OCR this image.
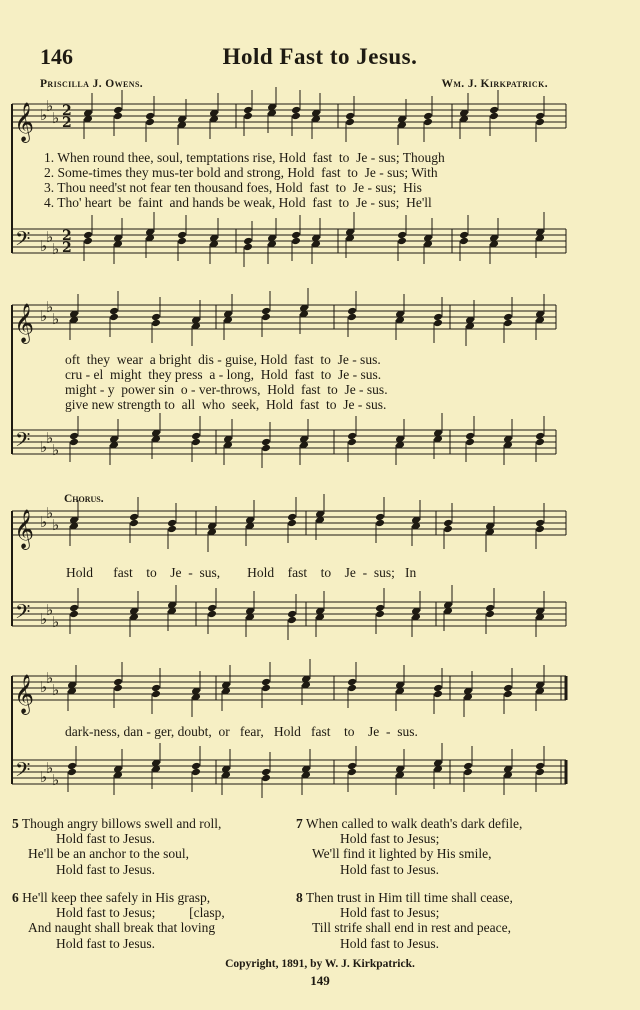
146	Hold Fast to Jesus.
Priscilla J. Owens.	Wm. J. Kirkpatrick.
𝄞 ♭
♭
♭ 2
2
𝄢 ♭
♭
♭
2
2
𝄞 ♭
♭
♭
𝄢 ♭
♭
♭
𝄞 ♭
♭
♭
𝄢 ♭
♭
♭
𝄞 ♭
♭
♭
𝄢 ♭
♭
♭
1. When round thee, soul, temptations rise, Hold  fast  to  Je - sus; Though
2. Some-times they mus-ter bold and strong, Hold  fast  to  Je - sus; With
3. Thou need'st not fear ten thousand foes, Hold  fast  to  Je - sus;  His
4. Tho' heart  be  faint  and hands be weak, Hold  fast  to  Je - sus;  He'll
oft  they  wear  a bright  dis - guise, Hold  fast  to  Je - sus.
cru - el  might  they press  a - long,  Hold  fast  to  Je - sus.
might - y  power sin  o - ver-throws,  Hold  fast  to  Je - sus.
give new strength to  all  who  seek,  Hold  fast  to  Je - sus.
Chorus.
Hold      fast    to    Je  -  sus,        Hold    fast    to    Je  -  sus;   In
dark-ness, dan - ger, doubt,  or   fear,   Hold   fast    to    Je  -  sus.
5 Though angry billows swell and roll,
Hold fast to Jesus.
He'll be an anchor to the soul,
Hold fast to Jesus.
6 He'll keep thee safely in His grasp,
Hold fast to Jesus;          [clasp,
And naught shall break that loving
Hold fast to Jesus.
7 When called to walk death's dark defile,
Hold fast to Jesus;
We'll find it lighted by His smile,
Hold fast to Jesus.
8 Then trust in Him till time shall cease,
Hold fast to Jesus;
Till strife shall end in rest and peace,
Hold fast to Jesus.
Copyright, 1891, by W. J. Kirkpatrick.
149
